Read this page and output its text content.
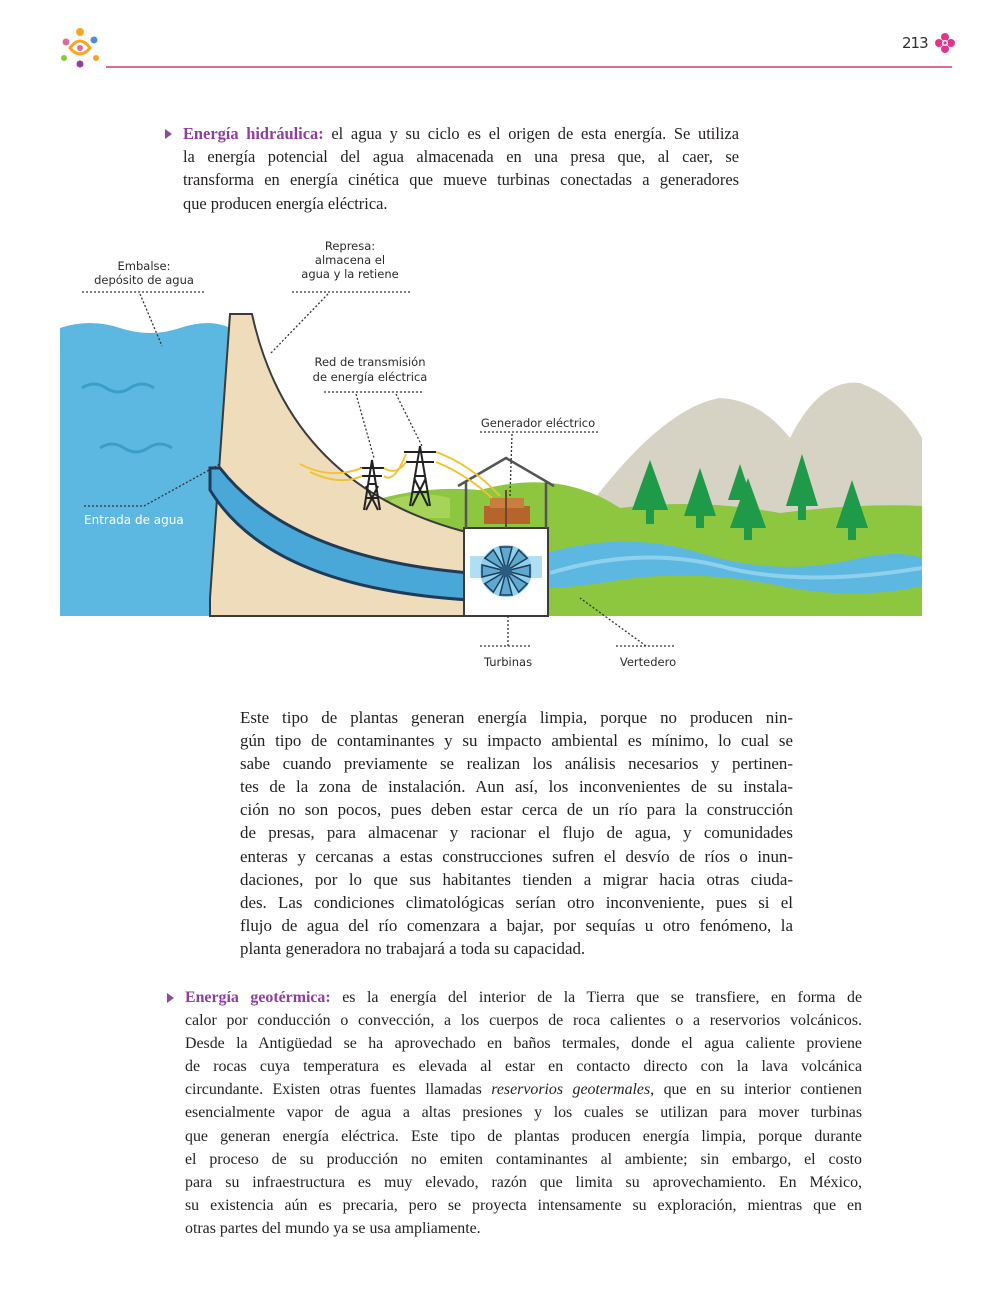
213
Energía hidráulica: el agua y su ciclo es el origen de esta energía. Se utiliza
la energía potencial del agua almacenada en una presa que, al caer, se
transforma en energía cinética que mueve turbinas conectadas a generadores
que producen energía eléctrica.
Embalse:
depósito de agua
Represa:
almacena el
agua y la retiene
Red de transmisión
de energía eléctrica
Generador eléctrico
Entrada de agua
Turbinas	Vertedero
Este tipo de plantas generan energía limpia, porque no producen nin-
gún tipo de contaminantes y su impacto ambiental es mínimo, lo cual se
sabe cuando previamente se realizan los análisis necesarios y pertinen-
tes de la zona de instalación. Aun así, los inconvenientes de su instala-
ción no son pocos, pues deben estar cerca de un río para la construcción
de presas, para almacenar y racionar el flujo de agua, y comunidades
enteras y cercanas a estas construcciones sufren el desvío de ríos o inun-
daciones, por lo que sus habitantes tienden a migrar hacia otras ciuda-
des. Las condiciones climatológicas serían otro inconveniente, pues si el
flujo de agua del río comenzara a bajar, por sequías u otro fenómeno, la
planta generadora no trabajará a toda su capacidad.
Energía geotérmica: es la energía del interior de la Tierra que se transfiere, en forma de
calor por conducción o convección, a los cuerpos de roca calientes o a reservorios volcánicos.
Desde la Antigüedad se ha aprovechado en baños termales, donde el agua caliente proviene
de rocas cuya temperatura es elevada al estar en contacto directo con la lava volcánica
circundante. Existen otras fuentes llamadas reservorios geotermales, que en su interior contienen
esencialmente vapor de agua a altas presiones y los cuales se utilizan para mover turbinas
que generan energía eléctrica. Este tipo de plantas producen energía limpia, porque durante
el proceso de su producción no emiten contaminantes al ambiente; sin embargo, el costo
para su infraestructura es muy elevado, razón que limita su aprovechamiento. En México,
su existencia aún es precaria, pero se proyecta intensamente su exploración, mientras que en
otras partes del mundo ya se usa ampliamente.
